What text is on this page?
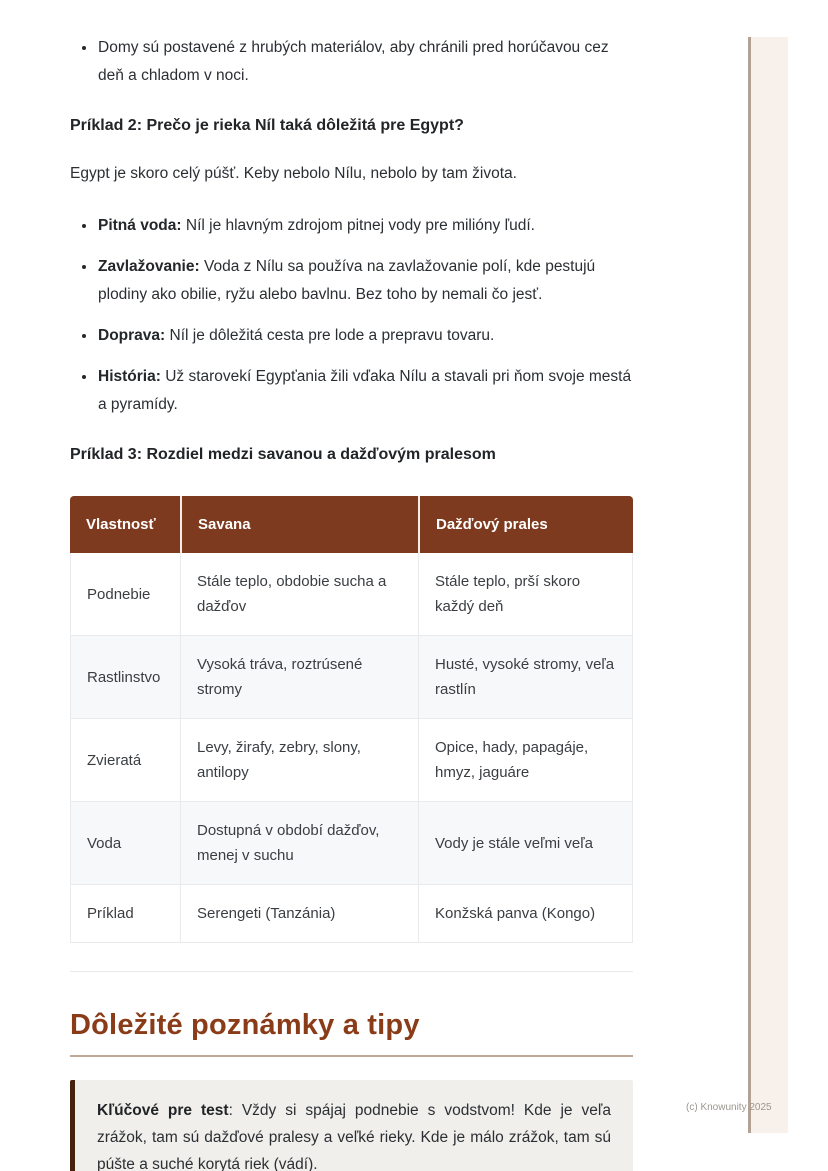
• Domy sú postavené z hrubých materiálov, aby chránili pred horúčavou cez deň a chladom v noci.
Príklad 2: Prečo je rieka Níl taká dôležitá pre Egypt?

Egypt je skoro celý púšť. Keby nebolo Nílu, nebolo by tam života.

• Pitná voda: Níl je hlavným zdrojom pitnej vody pre milióny ľudí.
• Zavlažovanie: Voda z Nílu sa používa na zavlažovanie polí, kde pestujú plodiny ako obilie, ryžu alebo bavlnu. Bez toho by nemali čo jesť.
• Doprava: Níl je dôležitá cesta pre lode a prepravu tovaru.
• História: Už starovekí Egypťania žili vďaka Nílu a stavali pri ňom svoje mestá a pyramídy.
Príklad 3: Rozdiel medzi savanou a dažďovým pralesom
Vlastnosť	Savana	Dažďový prales
Podnebie	Stále teplo, obdobie sucha a dažďov	Stále teplo, prší skoro každý deň
Rastlinstvo	Vysoká tráva, roztrúsené stromy	Husté, vysoké stromy, veľa rastlín
Zvieratá	Levy, žirafy, zebry, slony, antilopy	Opice, hady, papagáje, hmyz, jaguáre
Voda	Dostupná v období dažďov, menej v suchu	Vody je stále veľmi veľa
Príklad	Serengeti (Tanzánia)	Konžská panva (Kongo)
Dôležité poznámky a tipy

Kľúčové pre test: Vždy si spájaj podnebie s vodstvom! Kde je veľa zrážok, tam sú dažďové pralesy a veľké rieky. Kde je málo zrážok, tam sú púšte a suché korytá riek (vádí).

(c) Knowunity 2025
